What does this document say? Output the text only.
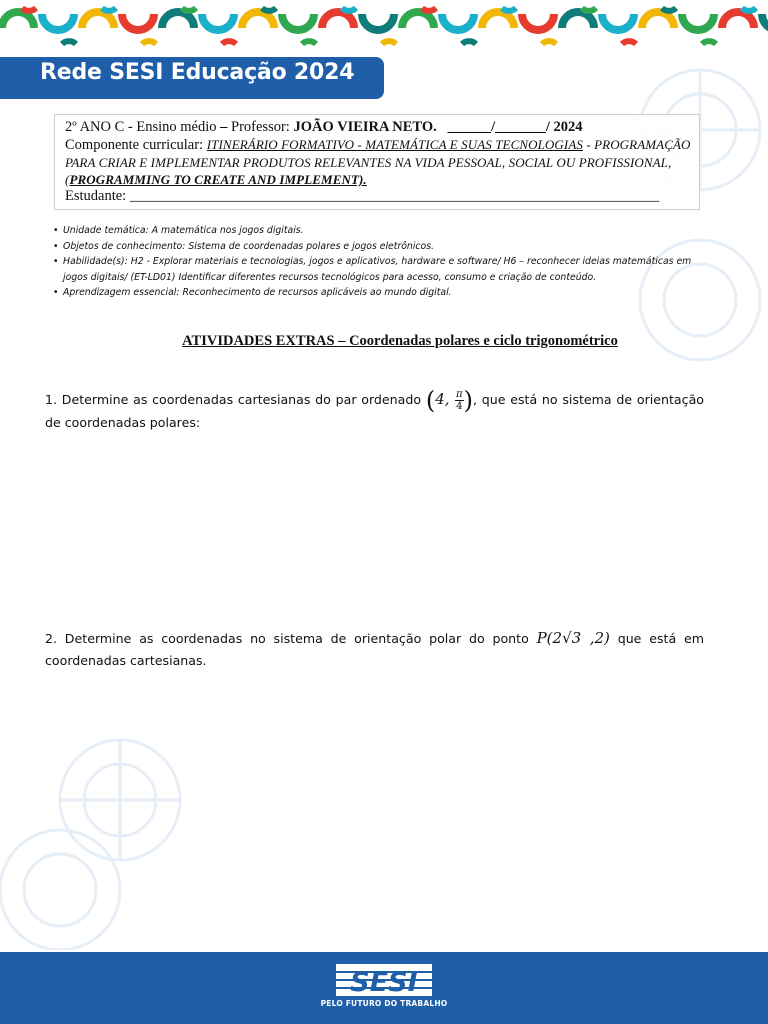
Rede SESI Educação 2024
2º ANO C - Ensino médio – Professor: JOÃO VIEIRA NETO. ______/_______/ 2024
Componente curricular: ITINERÁRIO FORMATIVO - MATEMÁTICA E SUAS TECNOLOGIAS - PROGRAMAÇÃO
PARA CRIAR E IMPLEMENTAR PRODUTOS RELEVANTES NA VIDA PESSOAL, SOCIAL OU PROFISSIONAL,
(PROGRAMMING TO CREATE AND IMPLEMENT).
Estudante: _________________________________________________________________________
• Unidade temática: A matemática nos jogos digitais.
• Objetos de conhecimento: Sistema de coordenadas polares e jogos eletrônicos.
• Habilidade(s): H2 - Explorar materiais e tecnologias, jogos e aplicativos, hardware e software/ H6 – reconhecer ideias matemáticas em jogos digitais/ (ET-LD01) Identificar diferentes recursos tecnológicos para acesso, consumo e criação de conteúdo.
• Aprendizagem essencial: Reconhecimento de recursos aplicáveis ao mundo digital.
ATIVIDADES EXTRAS – Coordenadas polares e ciclo trigonométrico
1. Determine as coordenadas cartesianas do par ordenado (4, $\frac{\pi}{4}$ ), que está no sistema de orientação de coordenadas polares:
2. Determine as coordenadas no sistema de orientação polar do ponto P(2√3 ,2) que está em coordenadas cartesianas.
SESI
PELO FUTURO DO TRABALHO
